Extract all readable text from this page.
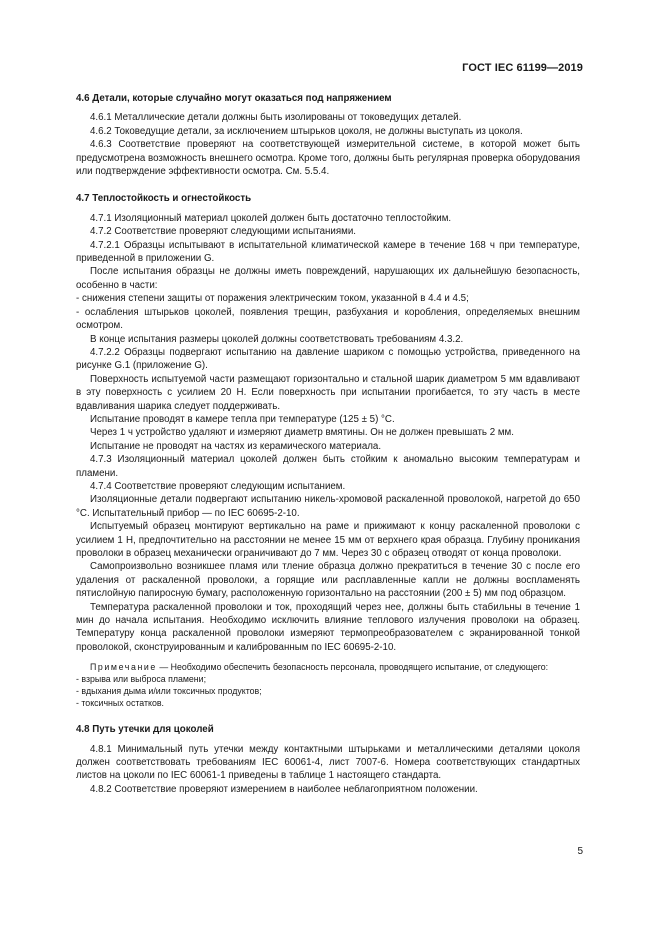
ГОСТ IEC 61199—2019
4.6 Детали, которые случайно могут оказаться под напряжением

4.6.1 Металлические детали должны быть изолированы от токоведущих деталей.

4.6.2 Токоведущие детали, за исключением штырьков цоколя, не должны выступать из цоколя.

4.6.3 Соответствие проверяют на соответствующей измерительной системе, в которой может быть предусмотрена возможность внешнего осмотра. Кроме того, должны быть регулярная проверка оборудования или подтверждение эффективности осмотра. См. 5.5.4.

4.7 Теплостойкость и огнестойкость

4.7.1 Изоляционный материал цоколей должен быть достаточно теплостойким.

4.7.2 Соответствие проверяют следующими испытаниями.

4.7.2.1 Образцы испытывают в испытательной климатической камере в течение 168 ч при температуре, приведенной в приложении G.

После испытания образцы не должны иметь повреждений, нарушающих их дальнейшую безопасность, особенно в части:

- снижения степени защиты от поражения электрическим током, указанной в 4.4 и 4.5;

- ослабления штырьков цоколей, появления трещин, разбухания и коробления, определяемых внешним осмотром.

В конце испытания размеры цоколей должны соответствовать требованиям 4.3.2.

4.7.2.2 Образцы подвергают испытанию на давление шариком с помощью устройства, приведенного на рисунке G.1 (приложение G).

Поверхность испытуемой части размещают горизонтально и стальной шарик диаметром 5 мм вдавливают в эту поверхность с усилием 20 Н. Если поверхность при испытании прогибается, то эту часть в месте вдавливания шарика следует поддерживать.

Испытание проводят в камере тепла при температуре (125 ± 5) °С.

Через 1 ч устройство удаляют и измеряют диаметр вмятины. Он не должен превышать 2 мм.

Испытание не проводят на частях из керамического материала.

4.7.3 Изоляционный материал цоколей должен быть стойким к аномально высоким температурам и пламени.

4.7.4 Соответствие проверяют следующим испытанием.

Изоляционные детали подвергают испытанию никель-хромовой раскаленной проволокой, нагретой до 650 °С. Испытательный прибор — по IEC 60695-2-10.

Испытуемый образец монтируют вертикально на раме и прижимают к концу раскаленной проволоки с усилием 1 Н, предпочтительно на расстоянии не менее 15 мм от верхнего края образца. Глубину проникания проволоки в образец механически ограничивают до 7 мм. Через 30 с образец отводят от конца проволоки.

Самопроизвольно возникшее пламя или тление образца должно прекратиться в течение 30 с после его удаления от раскаленной проволоки, а горящие или расплавленные капли не должны воспламенять пятислойную папиросную бумагу, расположенную горизонтально на расстоянии (200 ± 5) мм под образцом.

Температура раскаленной проволоки и ток, проходящий через нее, должны быть стабильны в течение 1 мин до начала испытания. Необходимо исключить влияние теплового излучения проволоки на образец. Температуру конца раскаленной проволоки измеряют термопреобразователем с экранированной тонкой проволокой, сконструированным и калиброванным по IEC 60695-2-10.

Примечание — Необходимо обеспечить безопасность персонала, проводящего испытание, от следующего:

- взрыва или выброса пламени;

- вдыхания дыма и/или токсичных продуктов;

- токсичных остатков.

4.8 Путь утечки для цоколей

4.8.1 Минимальный путь утечки между контактными штырьками и металлическими деталями цоколя должен соответствовать требованиям IEC 60061-4, лист 7007-6. Номера соответствующих стандартных листов на цоколи по IEC 60061-1 приведены в таблице 1 настоящего стандарта.

4.8.2 Соответствие проверяют измерением в наиболее неблагоприятном положении.

5
